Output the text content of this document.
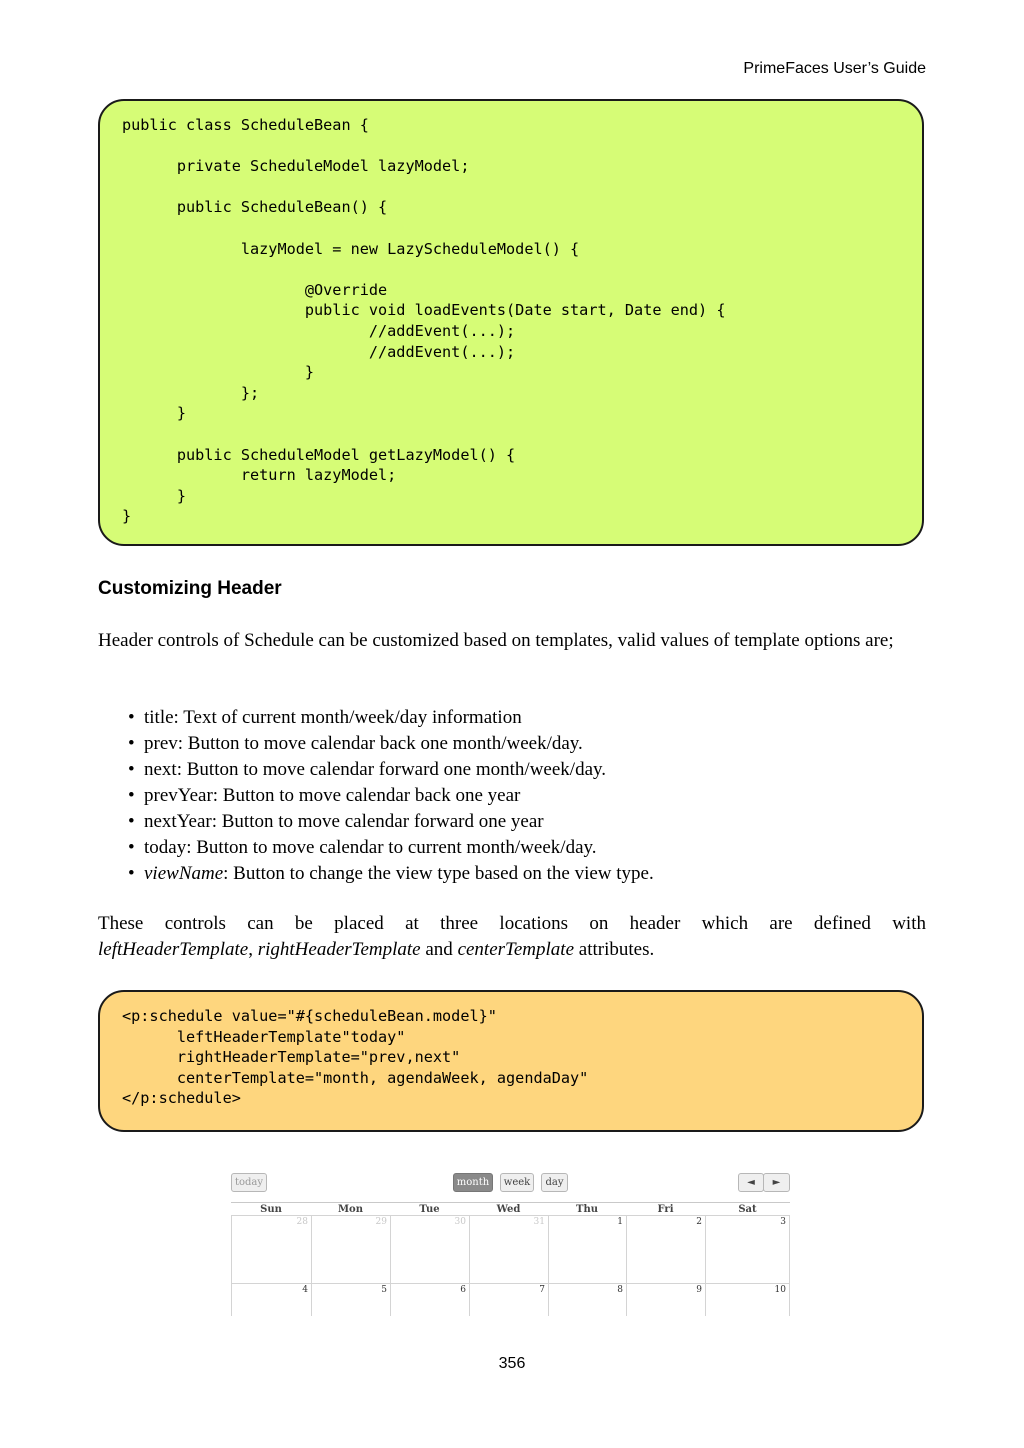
PrimeFaces User’s Guide
public class ScheduleBean {

private ScheduleModel lazyModel;

public ScheduleBean() {

lazyModel = new LazyScheduleModel() {

@Override
public void loadEvents(Date start, Date end) {
//addEvent(...);
//addEvent(...);
}
};
}

public ScheduleModel getLazyModel() {
return lazyModel;
}
}
Customizing Header
Header controls of Schedule can be customized based on templates, valid values of template options are;
• title: Text of current month/week/day information
• prev: Button to move calendar back one month/week/day.
• next: Button to move calendar forward one month/week/day.
• prevYear: Button to move calendar back one year
• nextYear: Button to move calendar forward one year
• today: Button to move calendar to current month/week/day.
• viewName: Button to change the view type based on the view type.
These controls can be placed at three locations on header which are defined with
leftHeaderTemplate, rightHeaderTemplate and centerTemplate attributes.
<p:schedule value="#{scheduleBean.model}"
leftHeaderTemplate"today"
rightHeaderTemplate="prev,next"
centerTemplate="month, agendaWeek, agendaDay"
</p:schedule>
today	month	week	day	◄	►
Sun	Mon	Tue	Wed	Thu	Fri	Sat
28	29	30	31	1	2	3
4	5	6	7	8	9	10
356
